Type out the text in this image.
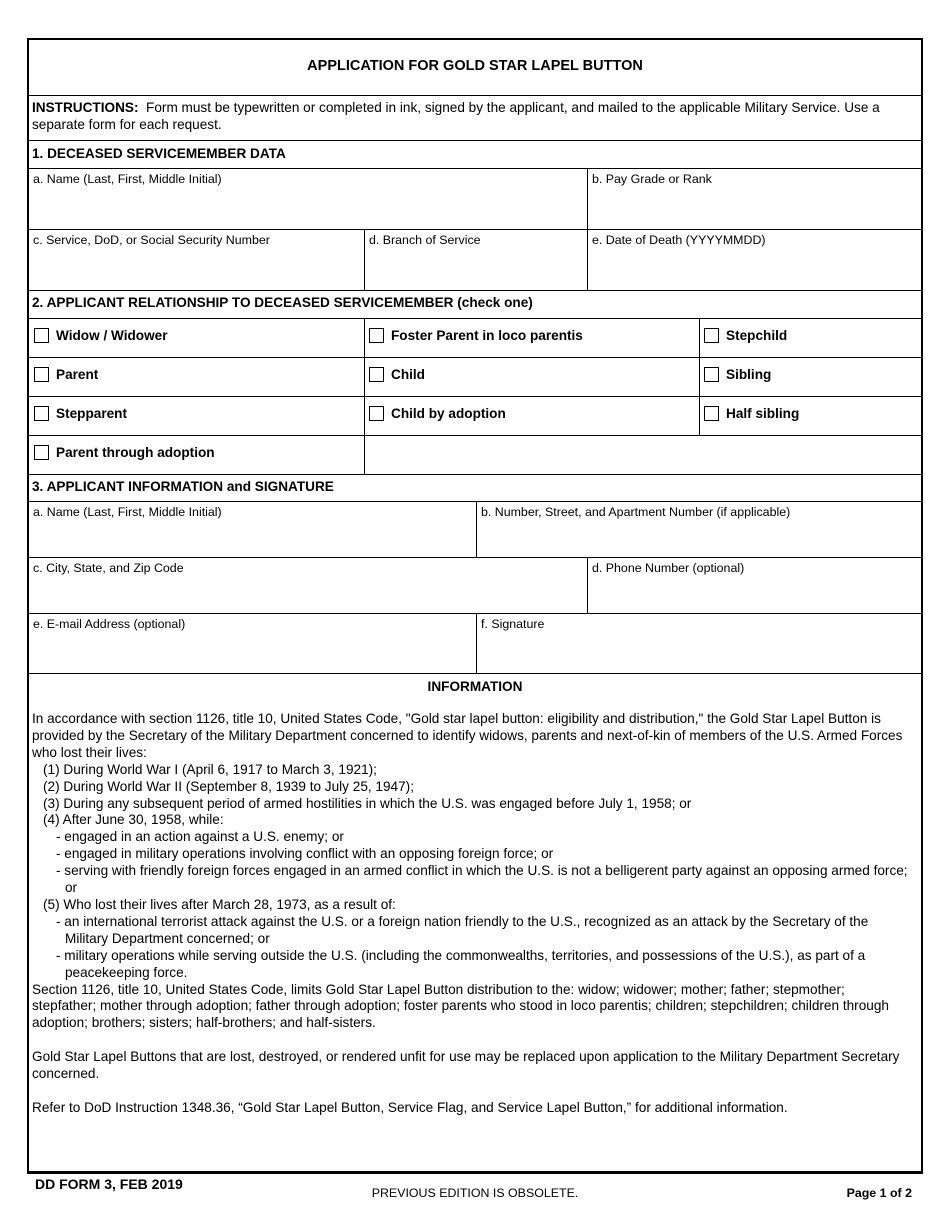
APPLICATION FOR GOLD STAR LAPEL BUTTON
INSTRUCTIONS: Form must be typewritten or completed in ink, signed by the applicant, and mailed to the applicable Military Service. Use a separate form for each request.
1. DECEASED SERVICEMEMBER DATA
a. Name (Last, First, Middle Initial)	b. Pay Grade or Rank
c. Service, DoD, or Social Security Number	d. Branch of Service	e. Date of Death (YYYYMMDD)
2. APPLICANT RELATIONSHIP TO DECEASED SERVICEMEMBER (check one)
Widow / Widower	Foster Parent in loco parentis	Stepchild
Parent	Child	Sibling
Stepparent	Child by adoption	Half sibling
Parent through adoption
3. APPLICANT INFORMATION and SIGNATURE
a. Name (Last, First, Middle Initial)	b. Number, Street, and Apartment Number (if applicable)
c. City, State, and Zip Code	d. Phone Number (optional)
e. E-mail Address (optional)	f. Signature
INFORMATION

In accordance with section 1126, title 10, United States Code, "Gold star lapel button: eligibility and distribution," the Gold Star Lapel Button is provided by the Secretary of the Military Department concerned to identify widows, parents and next-of-kin of members of the U.S. Armed Forces who lost their lives:

(1) During World War I (April 6, 1917 to March 3, 1921);

(2) During World War II (September 8, 1939 to July 25, 1947);

(3) During any subsequent period of armed hostilities in which the U.S. was engaged before July 1, 1958; or

(4) After June 30, 1958, while:

- engaged in an action against a U.S. enemy; or

- engaged in military operations involving conflict with an opposing foreign force; or

- serving with friendly foreign forces engaged in an armed conflict in which the U.S. is not a belligerent party against an opposing armed force; or

(5) Who lost their lives after March 28, 1973, as a result of:

- an international terrorist attack against the U.S. or a foreign nation friendly to the U.S., recognized as an attack by the Secretary of the Military Department concerned; or

- military operations while serving outside the U.S. (including the commonwealths, territories, and possessions of the U.S.), as part of a peacekeeping force.

Section 1126, title 10, United States Code, limits Gold Star Lapel Button distribution to the: widow; widower; mother; father; stepmother; stepfather; mother through adoption; father through adoption; foster parents who stood in loco parentis; children; stepchildren; children through adoption; brothers; sisters; half-brothers; and half-sisters.

Gold Star Lapel Buttons that are lost, destroyed, or rendered unfit for use may be replaced upon application to the Military Department Secretary concerned.

Refer to DoD Instruction 1348.36, “Gold Star Lapel Button, Service Flag, and Service Lapel Button,” for additional information.

DD FORM 3, FEB 2019
PREVIOUS EDITION IS OBSOLETE.	Page 1 of 2
